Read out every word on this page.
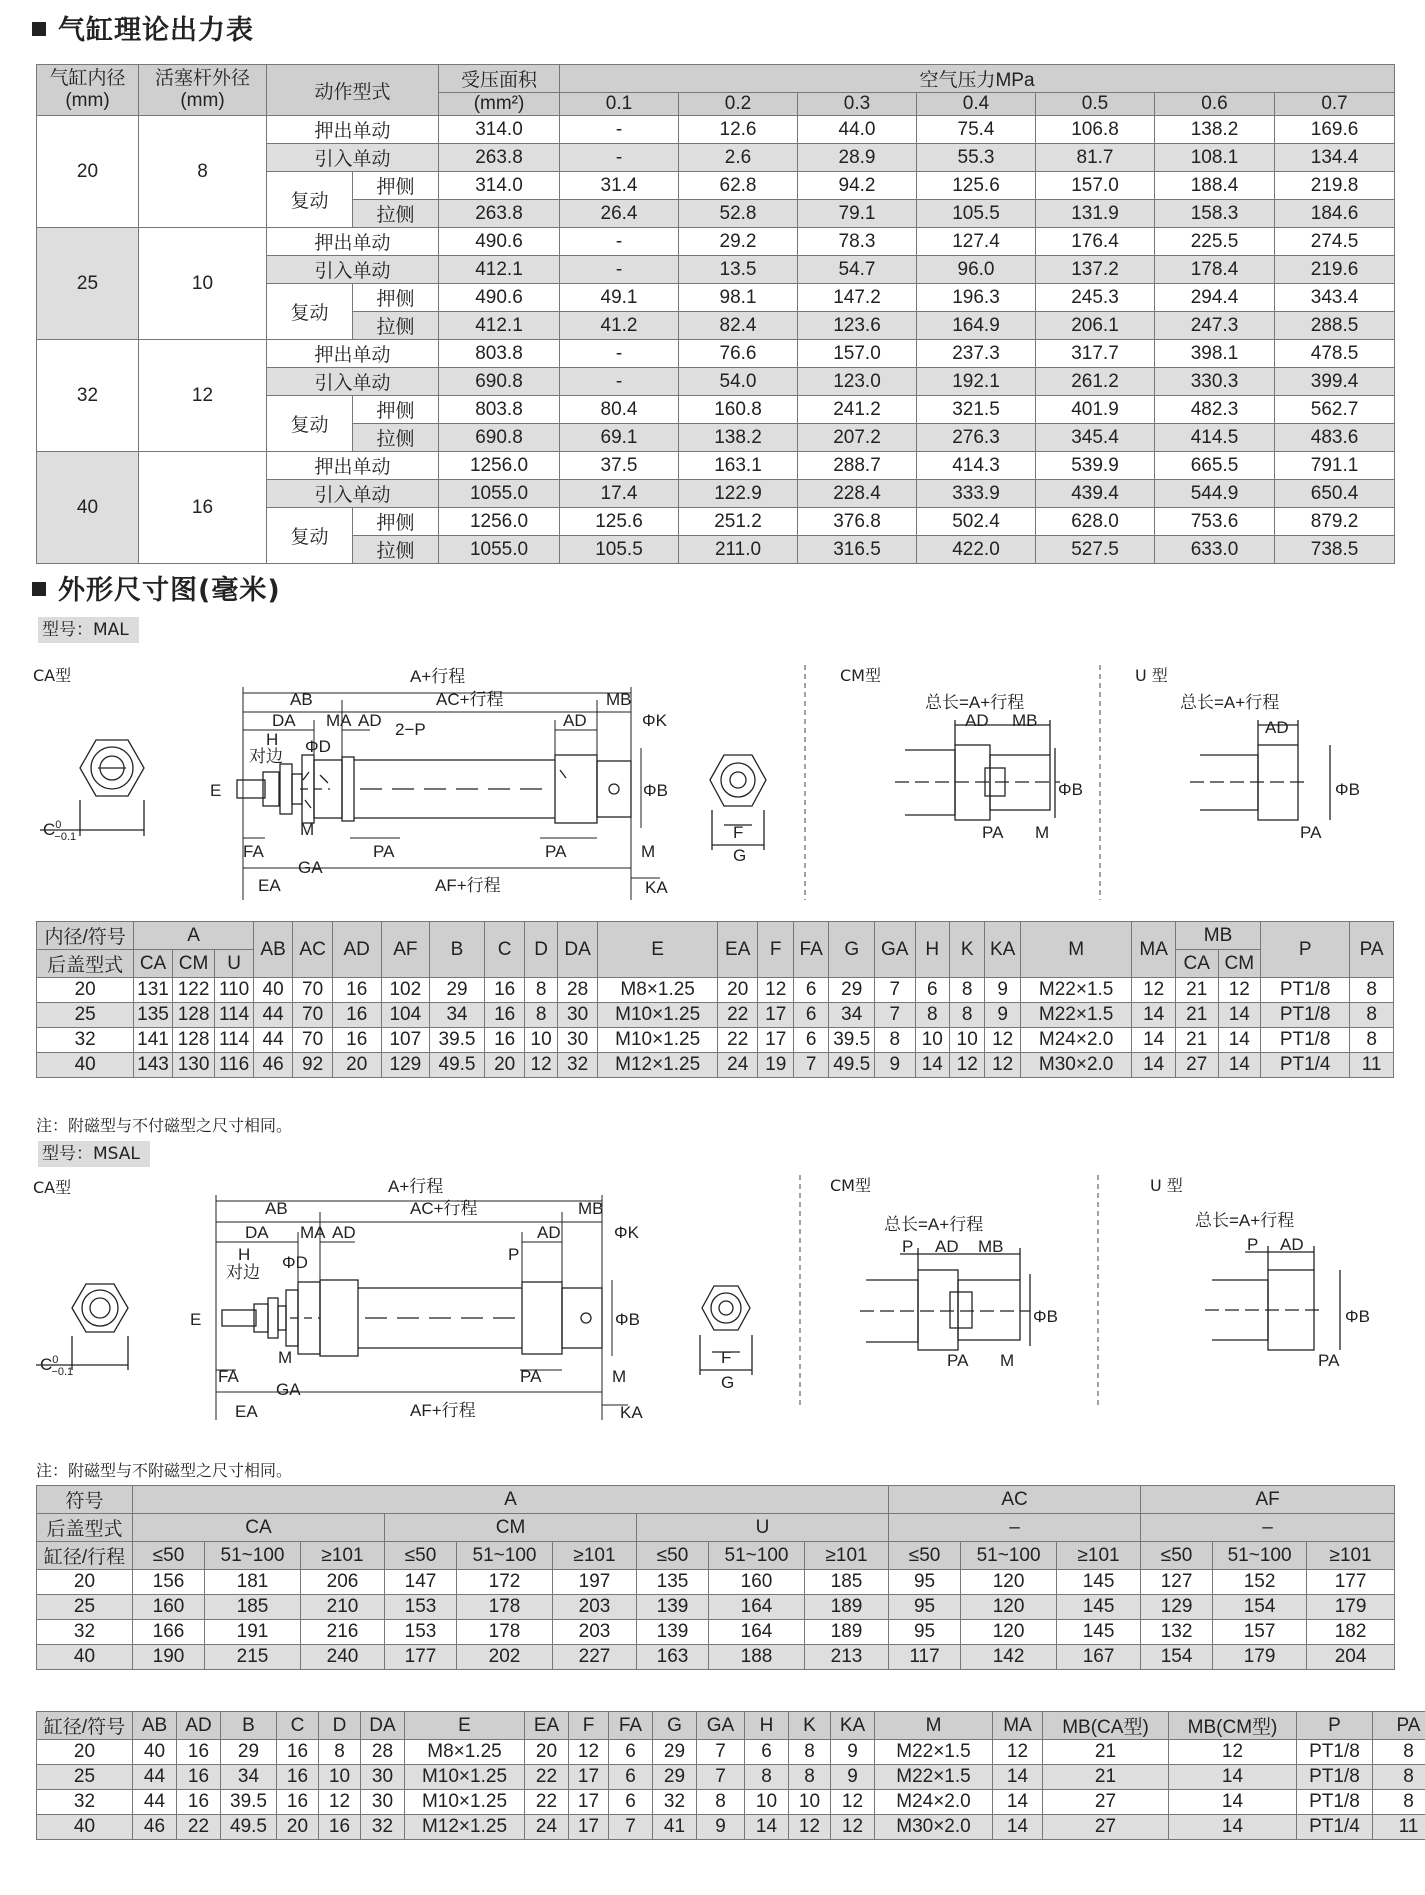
气缸理论出力表
气缸内径(mm)	活塞杆外径(mm)	动作型式		受压面积	空气压力MPa						
				(mm²)	0.1	0.2	0.3	0.4	0.5	0.6	0.7
20	8	押出单动		314.0	-	12.6	44.0	75.4	106.8	138.2	169.6
		引入单动		263.8	-	2.6	28.9	55.3	81.7	108.1	134.4
		复动	押侧	314.0	31.4	62.8	94.2	125.6	157.0	188.4	219.8
			拉侧	263.8	26.4	52.8	79.1	105.5	131.9	158.3	184.6
25	10	押出单动		490.6	-	29.2	78.3	127.4	176.4	225.5	274.5
		引入单动		412.1	-	13.5	54.7	96.0	137.2	178.4	219.6
		复动	押侧	490.6	49.1	98.1	147.2	196.3	245.3	294.4	343.4
			拉侧	412.1	41.2	82.4	123.6	164.9	206.1	247.3	288.5
32	12	押出单动		803.8	-	76.6	157.0	237.3	317.7	398.1	478.5
		引入单动		690.8	-	54.0	123.0	192.1	261.2	330.3	399.4
		复动	押侧	803.8	80.4	160.8	241.2	321.5	401.9	482.3	562.7
			拉侧	690.8	69.1	138.2	207.2	276.3	345.4	414.5	483.6
40	16	押出单动		1256.0	37.5	163.1	288.7	414.3	539.9	665.5	791.1
		引入单动		1055.0	17.4	122.9	228.4	333.9	439.4	544.9	650.4
		复动	押侧	1256.0	125.6	251.2	376.8	502.4	628.0	753.6	879.2
			拉侧	1055.0	105.5	211.0	316.5	422.0	527.5	633.0	738.5
外形尺寸图(毫米)
型号：MAL
CA型	CM型	U 型
A+行程
AB	AC+行程	MB
DA MA AD 2−P	AD	ΦK
H
对边
ΦD
E	ΦB
M
M
FA
GA
PA	PA
EA	AF+行程	KA
$C^0 -0.1$	F
G
总长=A+行程
AD MB
ΦB
PA M
总长=A+行程
AD
ΦB
PA
内径/符号	A			AB	AC	AD	AF	B	C	D	DA	E	EA	F	FA	G	GA	H	K	KA	M	MA	MB		P	PA
后盖型式	CA	CM	U																				CA	CM		
20	131	122	110	40	70	16	102	29	16	8	28	M8×1.25	20	12	6	29	7	6	8	9	M22×1.5	12	21	12	PT1/8	8
25	135	128	114	44	70	16	104	34	16	8	30	M10×1.25	22	17	6	34	7	8	8	9	M22×1.5	14	21	14	PT1/8	8
32	141	128	114	44	70	16	107	39.5	16	10	30	M10×1.25	22	17	6	39.5	8	10	10	12	M24×2.0	14	21	14	PT1/8	8
40	143	130	116	46	92	20	129	49.5	20	12	32	M12×1.25	24	19	7	49.5	9	14	12	12	M30×2.0	14	27	14	PT1/4	11
注：附磁型与不付磁型之尺寸相同。
型号：MSAL
CA型	CM型	U 型
A+行程
AB	AC+行程	MB
DA MA AD	AD	ΦK
P
H
对边
ΦD
E	ΦB
M
M
FA
GA
PA
EA	AF+行程	KA
$C^0 -0.1$
F
G
总长=A+行程
P AD MB
ΦB
PA M
总长=A+行程
P AD
ΦB
PA
注：附磁型与不附磁型之尺寸相同。
符号	A									AC			AF		
后盖型式	CA			CM			U			–			–		
缸径/行程	≤50	51~100	≥101	≤50	51~100	≥101	≤50	51~100	≥101	≤50	51~100	≥101	≤50	51~100	≥101
20	156	181	206	147	172	197	135	160	185	95	120	145	127	152	177
25	160	185	210	153	178	203	139	164	189	95	120	145	129	154	179
32	166	191	216	153	178	203	139	164	189	95	120	145	132	157	182
40	190	215	240	177	202	227	163	188	213	117	142	167	154	179	204
缸径/符号	AB	AD	B	C	D	DA	E	EA	F	FA	G	GA	H	K	KA	M	MA	MB(CA型)	MB(CM型)	P	PA
20	40	16	29	16	8	28	M8×1.25	20	12	6	29	7	6	8	9	M22×1.5	12	21	12	PT1/8	8
25	44	16	34	16	10	30	M10×1.25	22	17	6	29	7	8	8	9	M22×1.5	14	21	14	PT1/8	8
32	44	16	39.5	16	12	30	M10×1.25	22	17	6	32	8	10	10	12	M24×2.0	14	27	14	PT1/8	8
40	46	22	49.5	20	16	32	M12×1.25	24	17	7	41	9	14	12	12	M30×2.0	14	27	14	PT1/4	11
